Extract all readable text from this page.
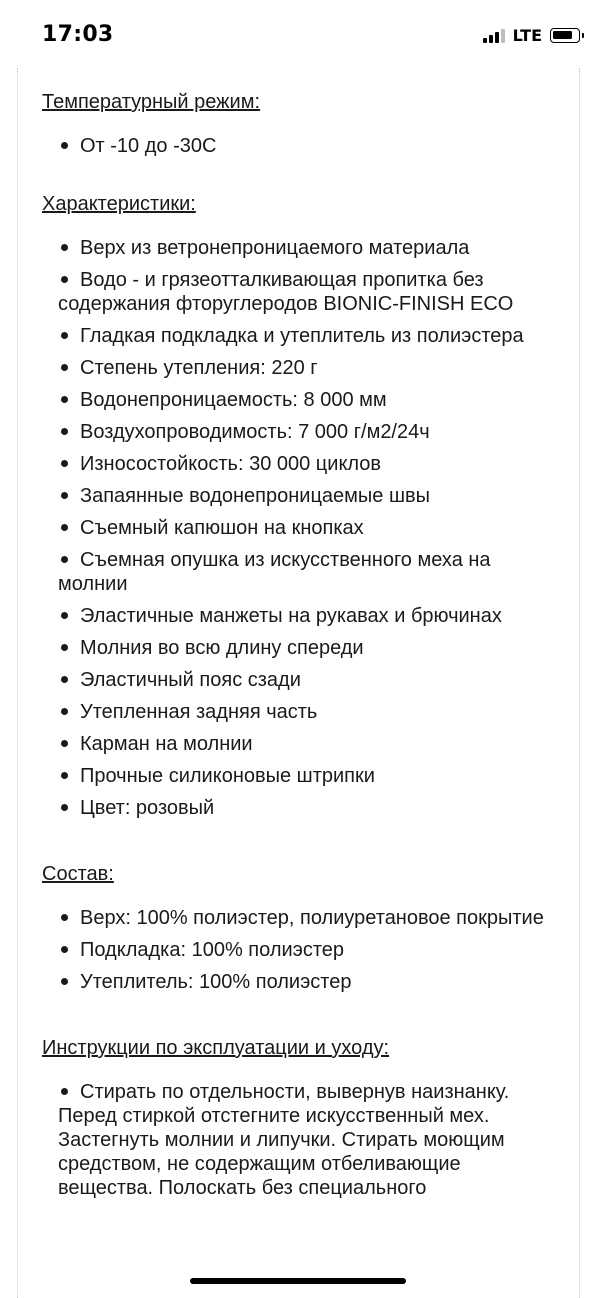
17:03	LTE
Температурный режим:
От -10 до -30С
Характеристики:
Верх из ветронепроницаемого материала
Водо - и грязеотталкивающая пропитка без содержания фторуглеродов BIONIC-FINISH ECO
Гладкая подкладка и утеплитель из полиэстера
Степень утепления: 220 г
Водонепроницаемость: 8 000 мм
Воздухопроводимость: 7 000 г/м2/24ч
Износостойкость: 30 000 циклов
Запаянные водонепроницаемые швы
Съемный капюшон на кнопках
Съемная опушка из искусственного меха на молнии
Эластичные манжеты на рукавах и брючинах
Молния во всю длину спереди
Эластичный пояс сзади
Утепленная задняя часть
Карман на молнии
Прочные силиконовые штрипки
Цвет: розовый
Состав:
Верх: 100% полиэстер, полиуретановое покрытие
Подкладка: 100% полиэстер
Утеплитель: 100% полиэстер
Инструкции по эксплуатации и уходу:
Стирать по отдельности, вывернув наизнанку. Перед стиркой отстегните искусственный мех. Застегнуть молнии и липучки. Стирать моющим средством, не содержащим отбеливающие вещества. Полоскать без специального
